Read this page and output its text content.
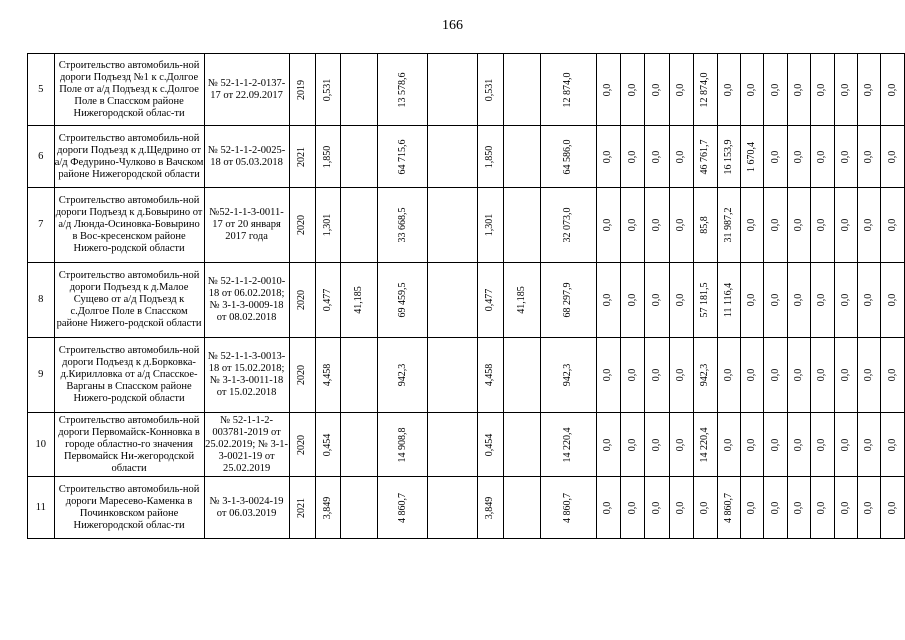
166
5	Строительство автомобиль-ной дороги Подъезд №1 к с.Долгое Поле от а/д Подъезд к с.Долгое Поле в Спасском районе Нижегородской облас-ти	№ 52-1-1-2-0137-17 от 22.09.2017	2019	0,531		13 578,6		0,531		12 874,0	0,0	0,0	0,0	0,0	12 874,0	0,0	0,0	0,0	0,0	0,0	0,0	0,0	0,0

6	Строительство автомобиль-ной дороги Подъезд к д.Щедрино от а/д Федурино-Чулково в Вачском районе Нижегородской области	№ 52-1-1-2-0025-18 от 05.03.2018	2021	1,850		64 715,6		1,850		64 586,0	0,0	0,0	0,0	0,0	46 761,7	16 153,9	1 670,4	0,0	0,0	0,0	0,0	0,0	0,0

7	Строительство автомобиль-ной дороги Подъезд к д.Бовырино от а/д Люнда-Осиновка-Бовырино в Вос-кресенском районе Нижего-родской области	№52-1-1-3-0011-17 от 20 января 2017 года	2020	1,301		33 668,5		1,301		32 073,0	0,0	0,0	0,0	0,0	85,8	31 987,2	0,0	0,0	0,0	0,0	0,0	0,0	0,0

8	Строительство автомобиль-ной дороги Подъезд к д.Малое Сущево от а/д Подъезд к с.Долгое Поле в Спасском районе Нижего-родской области	№ 52-1-1-2-0010-18 от 06.02.2018; № 3-1-3-0009-18 от 08.02.2018	2020	0,477	41,185	69 459,5		0,477	41,185	68 297,9	0,0	0,0	0,0	0,0	57 181,5	11 116,4	0,0	0,0	0,0	0,0	0,0	0,0	0,0

9	Строительство автомобиль-ной дороги Подъезд к д.Борковка-д.Кирилловка от а/д Спасское-Варганы в Спасском районе Нижего-родской области	№ 52-1-1-3-0013-18 от 15.02.2018; № 3-1-3-0011-18 от 15.02.2018	2020	4,458		942,3		4,458		942,3	0,0	0,0	0,0	0,0	942,3	0,0	0,0	0,0	0,0	0,0	0,0	0,0	0,0

10	Строительство автомобиль-ной дороги Первомайск-Конновка в городе областно-го значения Первомайск Ни-жегородской области	№ 52-1-1-2-003781-2019 от 25.02.2019; № 3-1-3-0021-19 от 25.02.2019	2020	0,454		14 908,8		0,454		14 220,4	0,0	0,0	0,0	0,0	14 220,4	0,0	0,0	0,0	0,0	0,0	0,0	0,0	0,0

11	Строительство автомобиль-ной дороги Маресево-Каменка в Починковском районе Нижегородской облас-ти	№ 3-1-3-0024-19 от 06.03.2019	2021	3,849		4 860,7		3,849		4 860,7	0,0	0,0	0,0	0,0	0,0	4 860,7	0,0	0,0	0,0	0,0	0,0	0,0	0,0
